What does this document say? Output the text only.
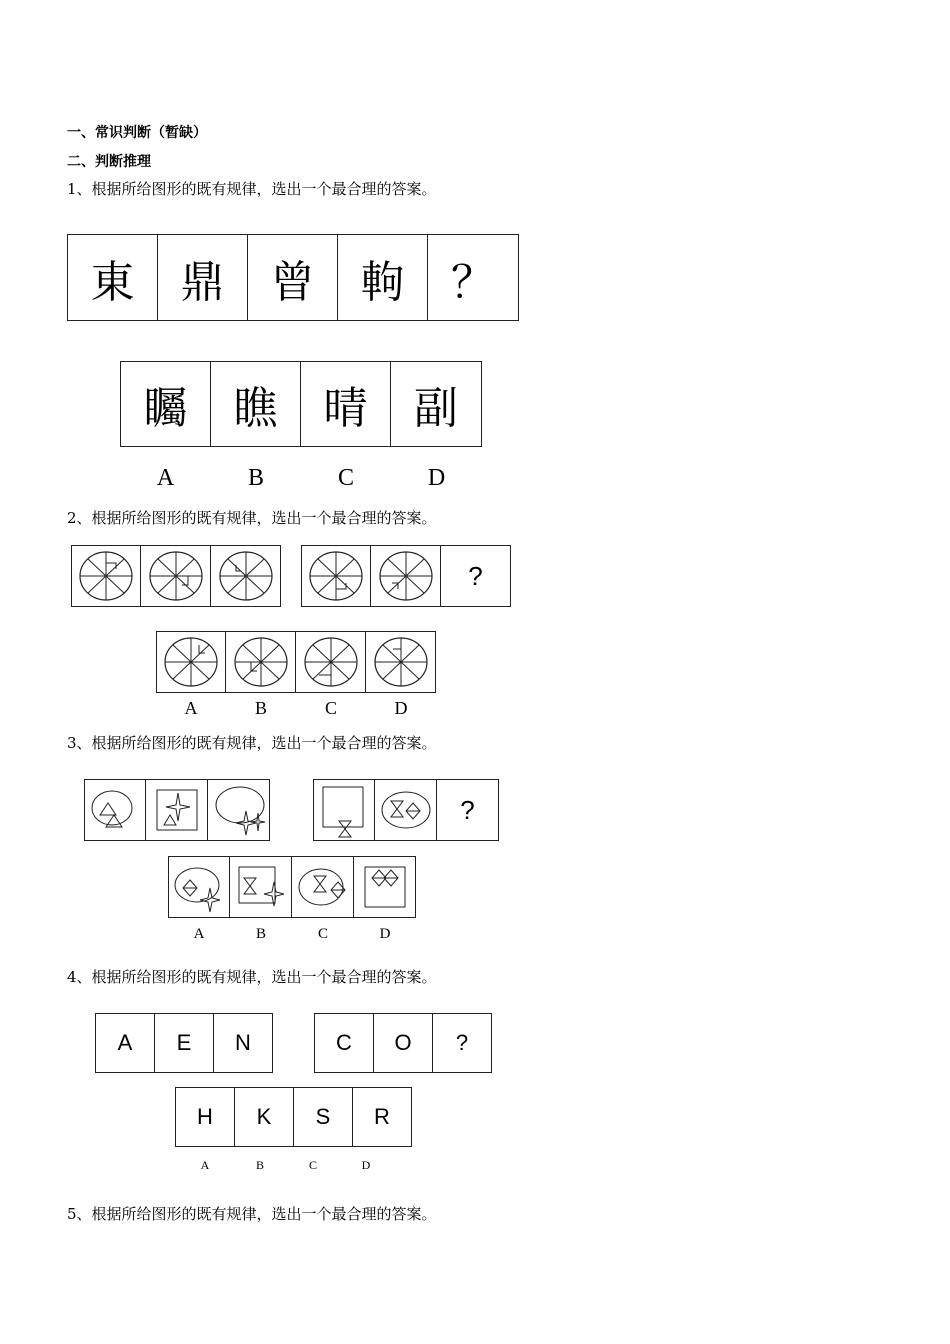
一、常识判断（暂缺）
二、判断推理
1、根据所给图形的既有规律，选出一个最合理的答案。
東	鼎	曾	軥	？
矚	瞧	晴	副
A	B	C	D
2、根据所给图形的既有规律，选出一个最合理的答案。
?
A	B	C	D
3、根据所给图形的既有规律，选出一个最合理的答案。
?
A	B	C	D
4、根据所给图形的既有规律，选出一个最合理的答案。
A	E	N	C	O	?
H	K	S	R
A	B	C	D
5、根据所给图形的既有规律，选出一个最合理的答案。
